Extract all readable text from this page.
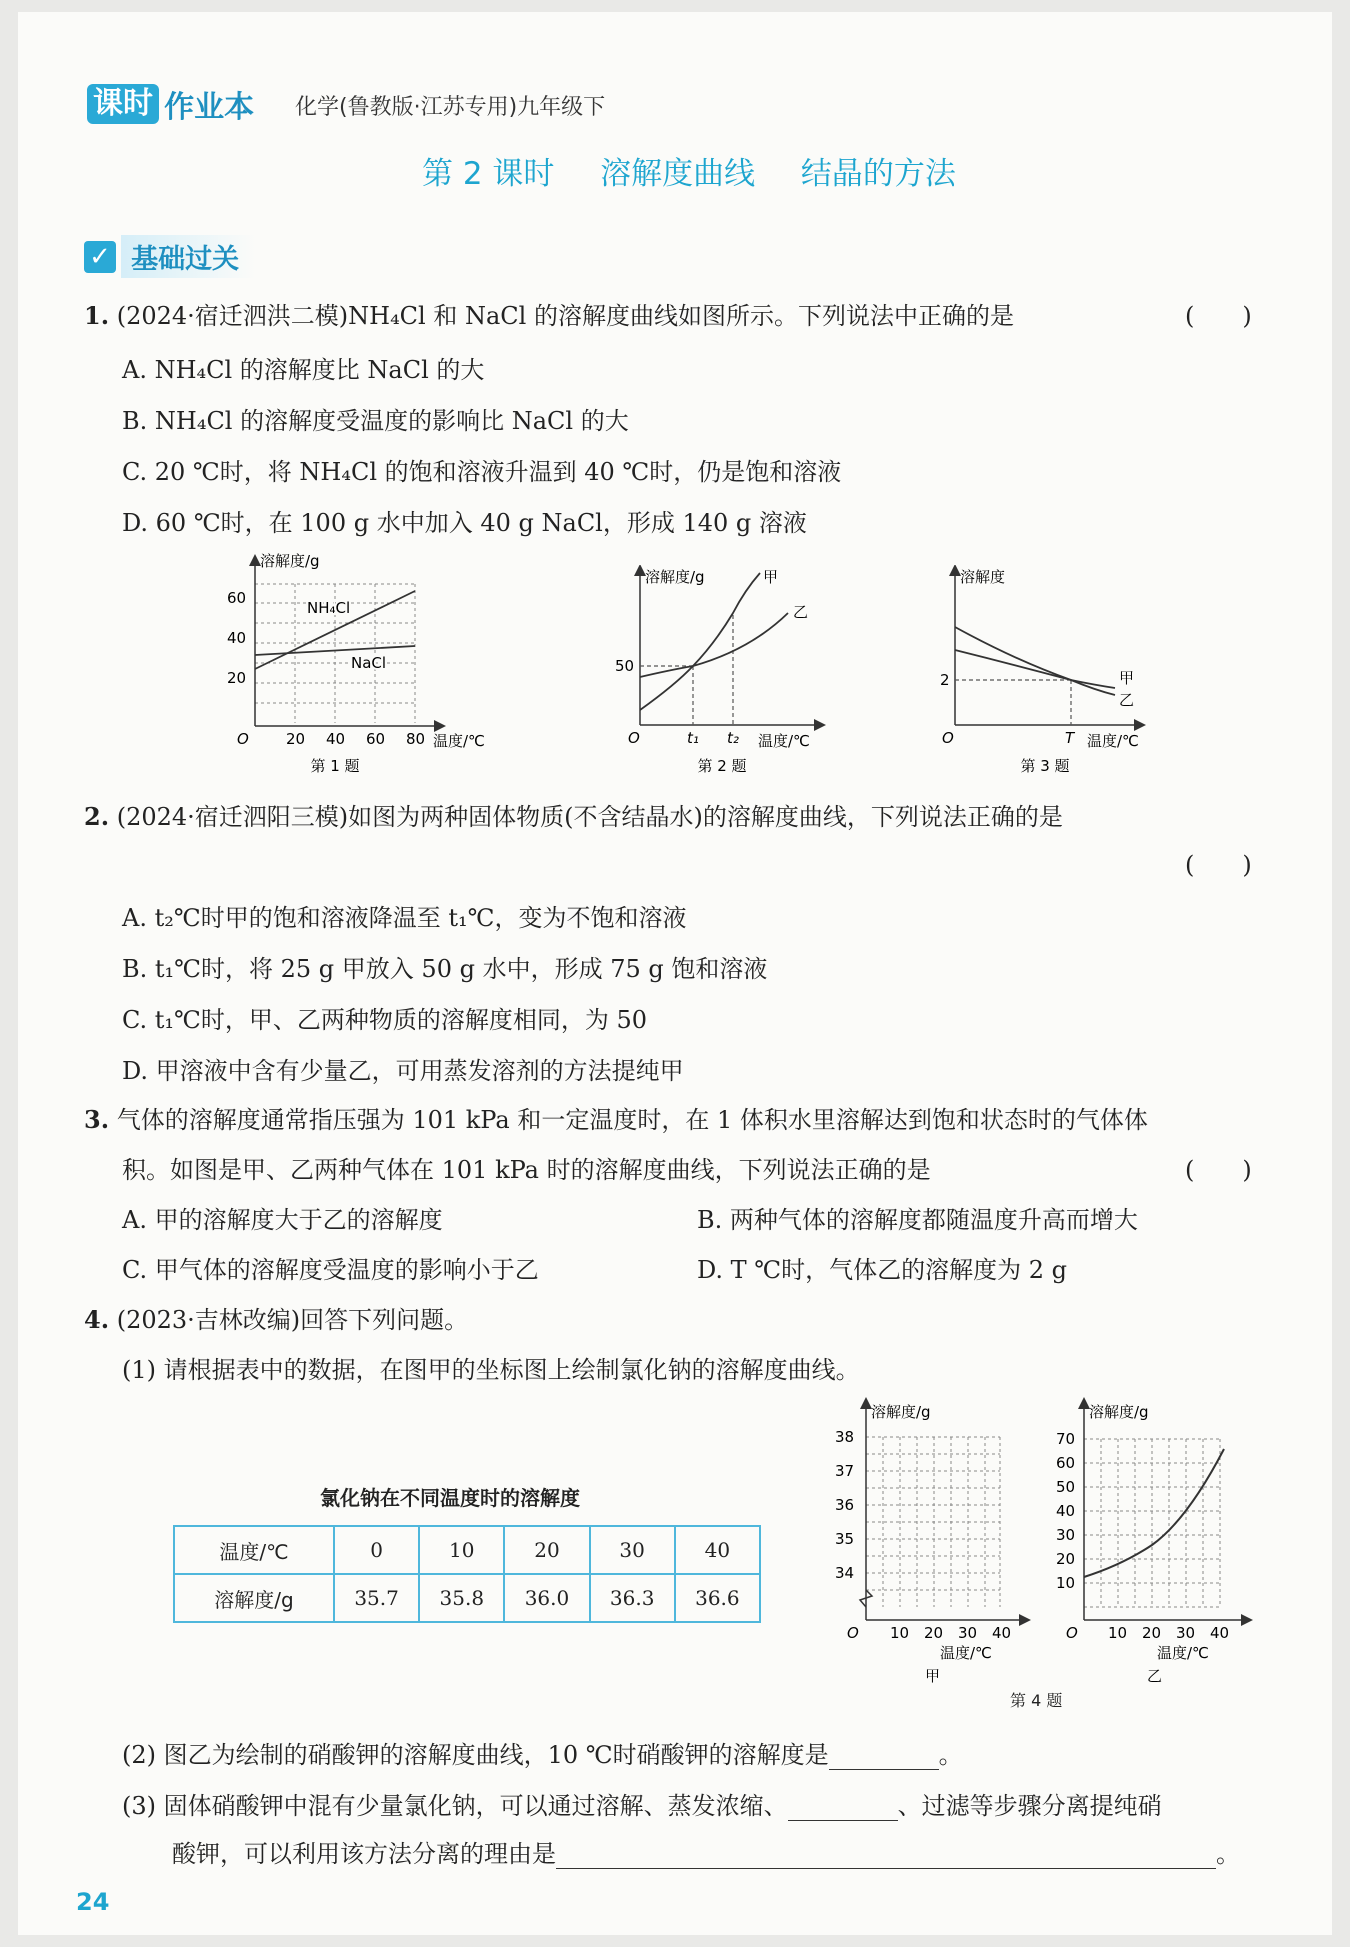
课时 作业本 化学(鲁教版·江苏专用)九年级下
第 2 课时 溶解度曲线 结晶的方法
✓ 基础过关
1. (2024·宿迁泗洪二模)NH₄Cl 和 NaCl 的溶解度曲线如图所示。下列说法中正确的是	(　　)
A. NH₄Cl 的溶解度比 NaCl 的大
B. NH₄Cl 的溶解度受温度的影响比 NaCl 的大
C. 20 ℃时，将 NH₄Cl 的饱和溶液升温到 40 ℃时，仍是饱和溶液
D. 60 ℃时，在 100 g 水中加入 40 g NaCl，形成 140 g 溶液
溶解度/g
60
40
20
O 20 40 60 80 温度/℃
NH₄Cl
NaCl
第 1 题
溶解度/g	甲
乙
50
O	t₁ t₂ 温度/℃
第 2 题
溶解度
2	甲
乙
O	T 温度/℃
第 3 题
2. (2024·宿迁泗阳三模)如图为两种固体物质(不含结晶水)的溶解度曲线，下列说法正确的是
(　　)
A. t₂℃时甲的饱和溶液降温至 t₁℃，变为不饱和溶液
B. t₁℃时，将 25 g 甲放入 50 g 水中，形成 75 g 饱和溶液
C. t₁℃时，甲、乙两种物质的溶解度相同，为 50
D. 甲溶液中含有少量乙，可用蒸发溶剂的方法提纯甲
3. 气体的溶解度通常指压强为 101 kPa 和一定温度时，在 1 体积水里溶解达到饱和状态时的气体体
积。如图是甲、乙两种气体在 101 kPa 时的溶解度曲线，下列说法正确的是	(　　)
A. 甲的溶解度大于乙的溶解度	B. 两种气体的溶解度都随温度升高而增大
C. 甲气体的溶解度受温度的影响小于乙	D. T ℃时，气体乙的溶解度为 2 g
4. (2023·吉林改编)回答下列问题。
(1) 请根据表中的数据，在图甲的坐标图上绘制氯化钠的溶解度曲线。
氯化钠在不同温度时的溶解度
温度/℃	0	10	20	30	40
溶解度/g	35.7	35.8	36.0	36.3	36.6
溶解度/g
38
37
36
35
34
O 10 20 30 40
温度/℃
甲
溶解度/g
70
60
50
40
30
20
10
O 10 20 30 40
温度/℃
乙
第 4 题
(2) 图乙为绘制的硝酸钾的溶解度曲线，10 ℃时硝酸钾的溶解度是	。
(3) 固体硝酸钾中混有少量氯化钠，可以通过溶解、蒸发浓缩、	、过滤等步骤分离提纯硝
酸钾，可以利用该方法分离的理由是	。
24
